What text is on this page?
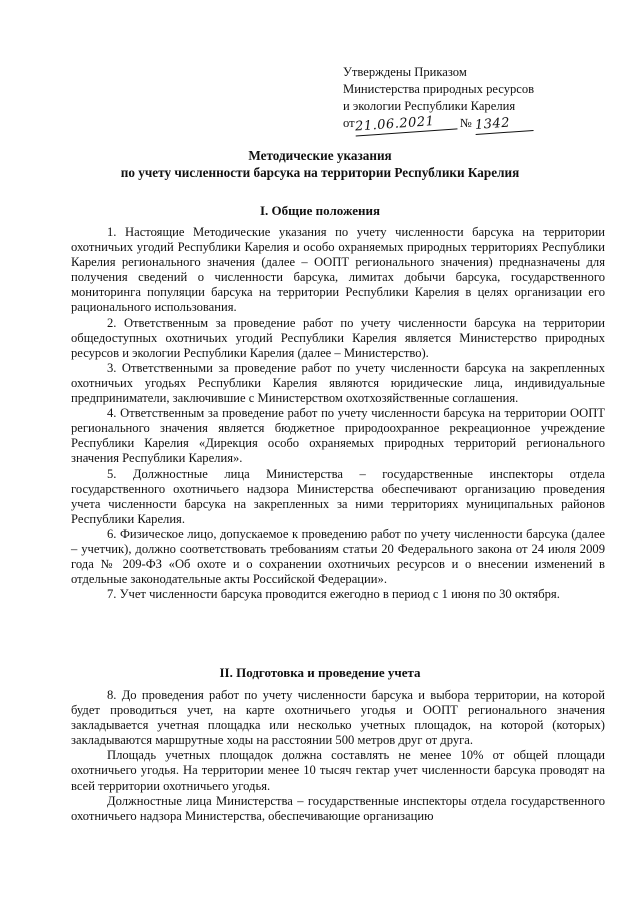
Утверждены Приказом
Министерства природных ресурсов
и экологии Республики Карелия
от21.06.2021 № 1342
Методические указания
по учету численности барсука на территории Республики Карелия
I. Общие положения

1. Настоящие Методические указания по учету численности барсука на территории охотничьих угодий Республики Карелия и особо охраняемых природных территориях Республики Карелия регионального значения (далее – ООПТ регионального значения) предназначены для получения сведений о численности барсука, лимитах добычи барсука, государственного мониторинга популяции барсука на территории Республики Карелия в целях организации его рационального использования.

2. Ответственным за проведение работ по учету численности барсука на территории общедоступных охотничьих угодий Республики Карелия является Министерство природных ресурсов и экологии Республики Карелия (далее – Министерство).

3. Ответственными за проведение работ по учету численности барсука на закрепленных охотничьих угодьях Республики Карелия являются юридические лица, индивидуальные предприниматели, заключившие с Министерством охотхозяйственные соглашения.

4. Ответственным за проведение работ по учету численности барсука на территории ООПТ регионального значения является бюджетное природоохранное рекреационное учреждение Республики Карелия «Дирекция особо охраняемых природных территорий регионального значения Республики Карелия».

5. Должностные лица Министерства – государственные инспекторы отдела государственного охотничьего надзора Министерства обеспечивают организацию проведения учета численности барсука на закрепленных за ними территориях муниципальных районов Республики Карелия.

6. Физическое лицо, допускаемое к проведению работ по учету численности барсука (далее – учетчик), должно соответствовать требованиям статьи 20 Федерального закона от 24 июля 2009 года № 209-ФЗ «Об охоте и о сохранении охотничьих ресурсов и о внесении изменений в отдельные законодательные акты Российской Федерации».

7. Учет численности барсука проводится ежегодно в период с 1 июня по 30 октября.

II. Подготовка и проведение учета

8. До проведения работ по учету численности барсука и выбора территории, на которой будет проводиться учет, на карте охотничьего угодья и ООПТ регионального значения закладывается учетная площадка или несколько учетных площадок, на которой (которых) закладываются маршрутные ходы на расстоянии 500 метров друг от друга.

Площадь учетных площадок должна составлять не менее 10% от общей площади охотничьего угодья. На территории менее 10 тысяч гектар учет численности барсука проводят на всей территории охотничьего угодья.

Должностные лица Министерства – государственные инспекторы отдела государственного охотничьего надзора Министерства, обеспечивающие организацию
